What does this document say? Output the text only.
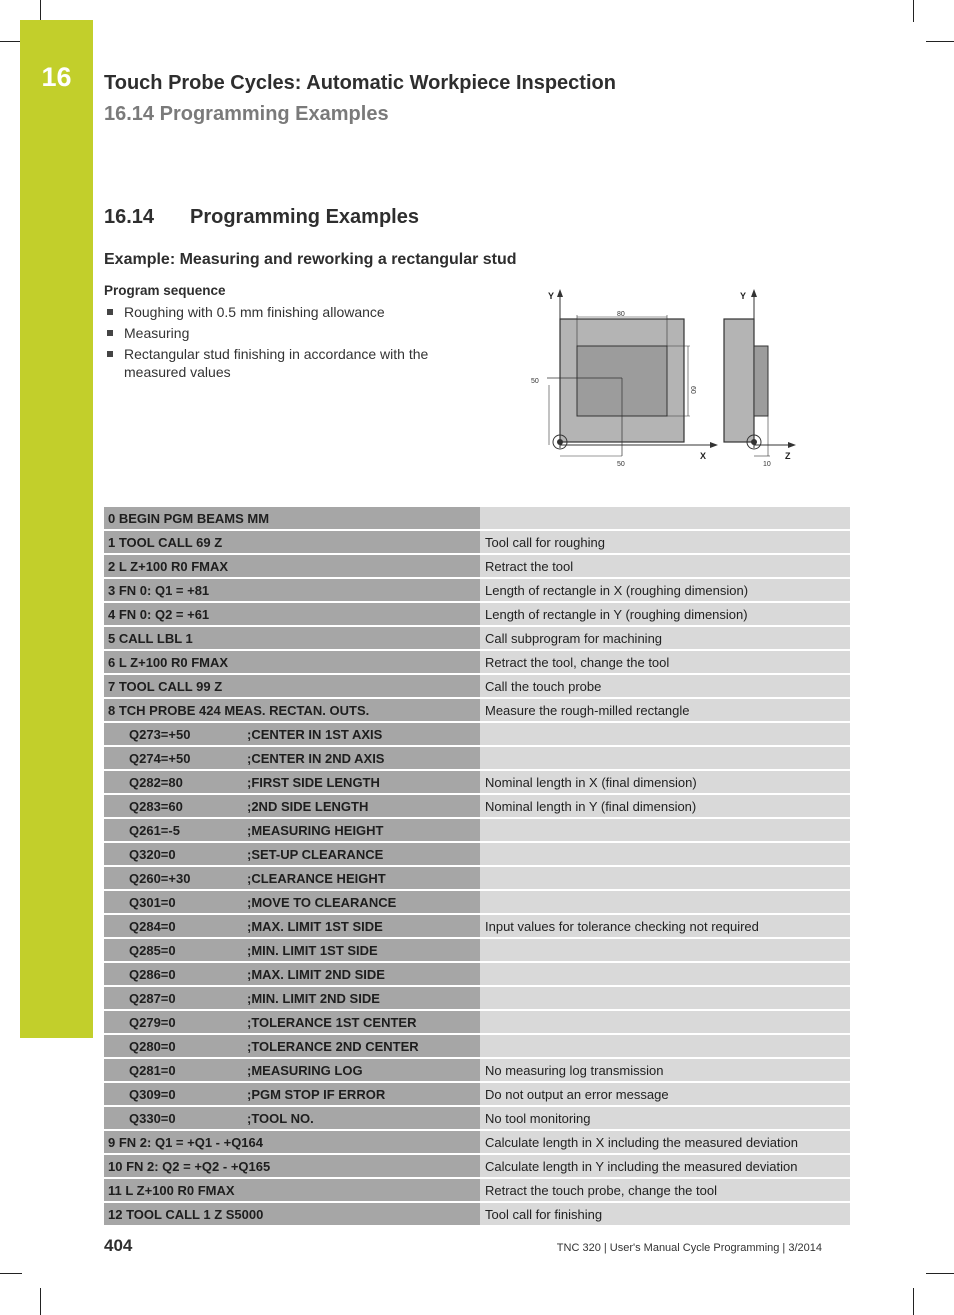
16	Touch Probe Cycles: Automatic Workpiece Inspection
16.14 Programming Examples
16.14 Programming Examples
Example: Measuring and reworking a rectangular stud
Program sequence
Roughing with 0.5 mm finishing allowance
Measuring
Rectangular stud finishing in accordance with the measured values
Y
X
80
60
50
50
Y
Z
10
0 BEGIN PGM BEAMS MM	
1 TOOL CALL 69 Z	Tool call for roughing
2 L Z+100 R0 FMAX	Retract the tool
3 FN 0: Q1 = +81	Length of rectangle in X (roughing dimension)
4 FN 0: Q2 = +61	Length of rectangle in Y (roughing dimension)
5 CALL LBL 1	Call subprogram for machining
6 L Z+100 R0 FMAX	Retract the tool, change the tool
7 TOOL CALL 99 Z	Call the touch probe
8 TCH PROBE 424 MEAS. RECTAN. OUTS.	Measure the rough-milled rectangle
Q273=+50 ;CENTER IN 1ST AXIS	
Q274=+50 ;CENTER IN 2ND AXIS	
Q282=80 ;FIRST SIDE LENGTH	Nominal length in X (final dimension)
Q283=60 ;2ND SIDE LENGTH	Nominal length in Y (final dimension)
Q261=-5 ;MEASURING HEIGHT	
Q320=0 ;SET-UP CLEARANCE	
Q260=+30 ;CLEARANCE HEIGHT	
Q301=0 ;MOVE TO CLEARANCE	
Q284=0 ;MAX. LIMIT 1ST SIDE	Input values for tolerance checking not required
Q285=0 ;MIN. LIMIT 1ST SIDE	
Q286=0 ;MAX. LIMIT 2ND SIDE	
Q287=0 ;MIN. LIMIT 2ND SIDE	
Q279=0 ;TOLERANCE 1ST CENTER	
Q280=0 ;TOLERANCE 2ND CENTER	
Q281=0 ;MEASURING LOG	No measuring log transmission
Q309=0 ;PGM STOP IF ERROR	Do not output an error message
Q330=0 ;TOOL NO.	No tool monitoring
9 FN 2: Q1 = +Q1 - +Q164	Calculate length in X including the measured deviation
10 FN 2: Q2 = +Q2 - +Q165	Calculate length in Y including the measured deviation
11 L Z+100 R0 FMAX	Retract the touch probe, change the tool
12 TOOL CALL 1 Z S5000	Tool call for finishing
404	TNC 320 | User's Manual Cycle Programming | 3/2014
